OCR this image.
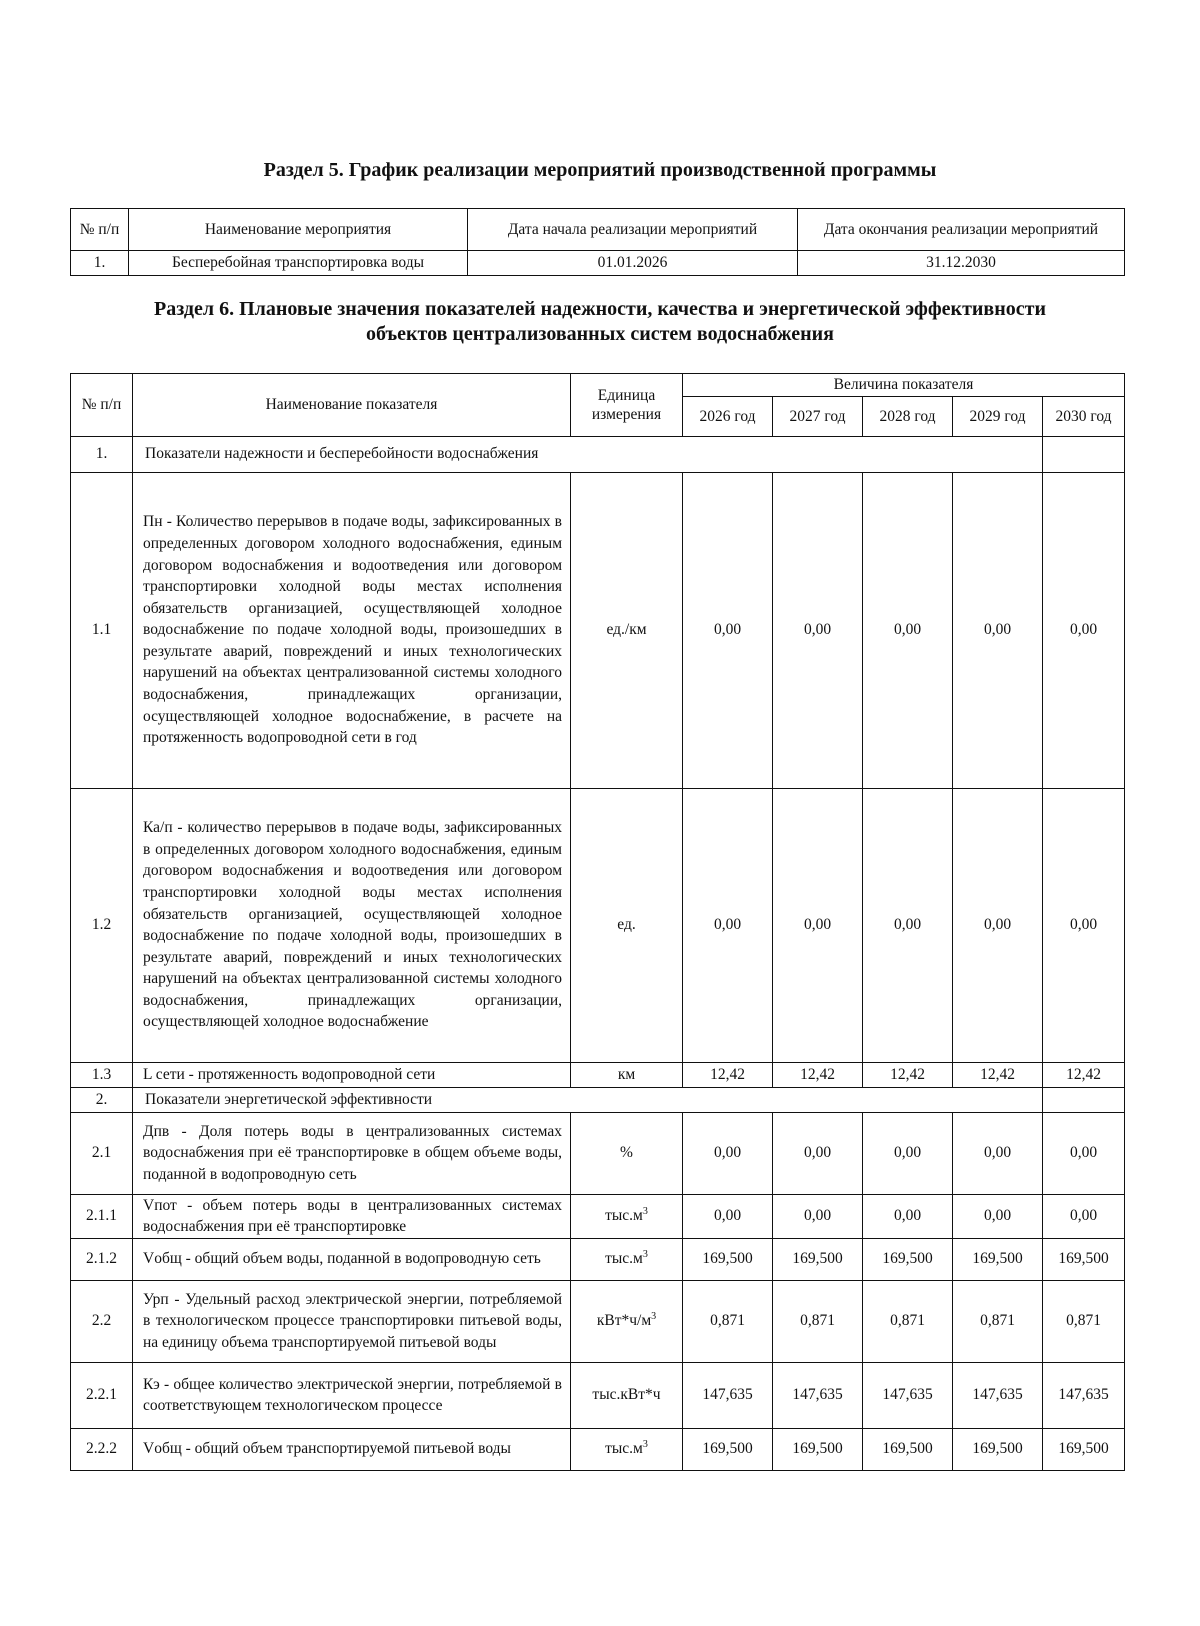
Раздел 5. График реализации мероприятий производственной программы
№ п/п	Наименование мероприятия	Дата начала реализации мероприятий	Дата окончания реализации мероприятий
1.	Бесперебойная транспортировка воды	01.01.2026	31.12.2030
Раздел 6. Плановые значения показателей надежности, качества и энергетической эффективности
объектов централизованных систем водоснабжения
№ п/п	Наименование показателя	Единица измерения	Величина показателя					
			2026 год	2027 год	2028 год	2029 год	2030 год	
1.	Показатели надежности и бесперебойности водоснабжения							
1.1	Пн - Количество перерывов в подаче воды, зафиксированных в определенных договором холодного водоснабжения, единым договором водоснабжения и водоотведения или договором транспортировки холодной воды местах исполнения обязательств организацией, осуществляющей холодное водоснабжение по подаче холодной воды, произошедших в результате аварий, повреждений и иных технологических нарушений на объектах централизованной системы холодного водоснабжения, принадлежащих организации, осуществляющей холодное водоснабжение, в расчете на протяженность водопроводной сети в год	ед./км	0,00	0,00	0,00	0,00	0,00	
1.2	Ка/п - количество перерывов в подаче воды, зафиксированных в определенных договором холодного водоснабжения, единым договором водоснабжения и водоотведения или договором транспортировки холодной воды местах исполнения обязательств организацией, осуществляющей холодное водоснабжение по подаче холодной воды, произошедших в результате аварий, повреждений и иных технологических нарушений на объектах централизованной системы холодного водоснабжения, принадлежащих организации, осуществляющей холодное водоснабжение	ед.	0,00	0,00	0,00	0,00	0,00	
1.3	L сети - протяженность водопроводной сети	км	12,42	12,42	12,42	12,42	12,42	
2.	Показатели энергетической эффективности							
2.1	Дпв - Доля потерь воды в централизованных системах водоснабжения при её транспортировке в общем объеме воды, поданной в водопроводную сеть	%	0,00	0,00	0,00	0,00	0,00	
2.1.1	Vпот - объем потерь воды в централизованных системах водоснабжения при её транспортировке	$тыс.м^3$	0,00	0,00	0,00	0,00	0,00	
2.1.2	Vобщ - общий объем воды, поданной в водопроводную сеть	$тыс.м^3$	169,500	169,500	169,500	169,500	169,500	
2.2	Урп - Удельный расход электрической энергии, потребляемой в технологическом процессе транспортировки питьевой воды, на единицу объема транспортируемой питьевой воды	$кВт*ч/м^3$	0,871	0,871	0,871	0,871	0,871	
2.2.1	Кэ - общее количество электрической энергии, потребляемой в соответствующем технологическом процессе	тыс.кВт*ч	147,635	147,635	147,635	147,635	147,635	
2.2.2	Vобщ - общий объем транспортируемой питьевой воды	$тыс.м^3$	169,500	169,500	169,500	169,500	169,500	
